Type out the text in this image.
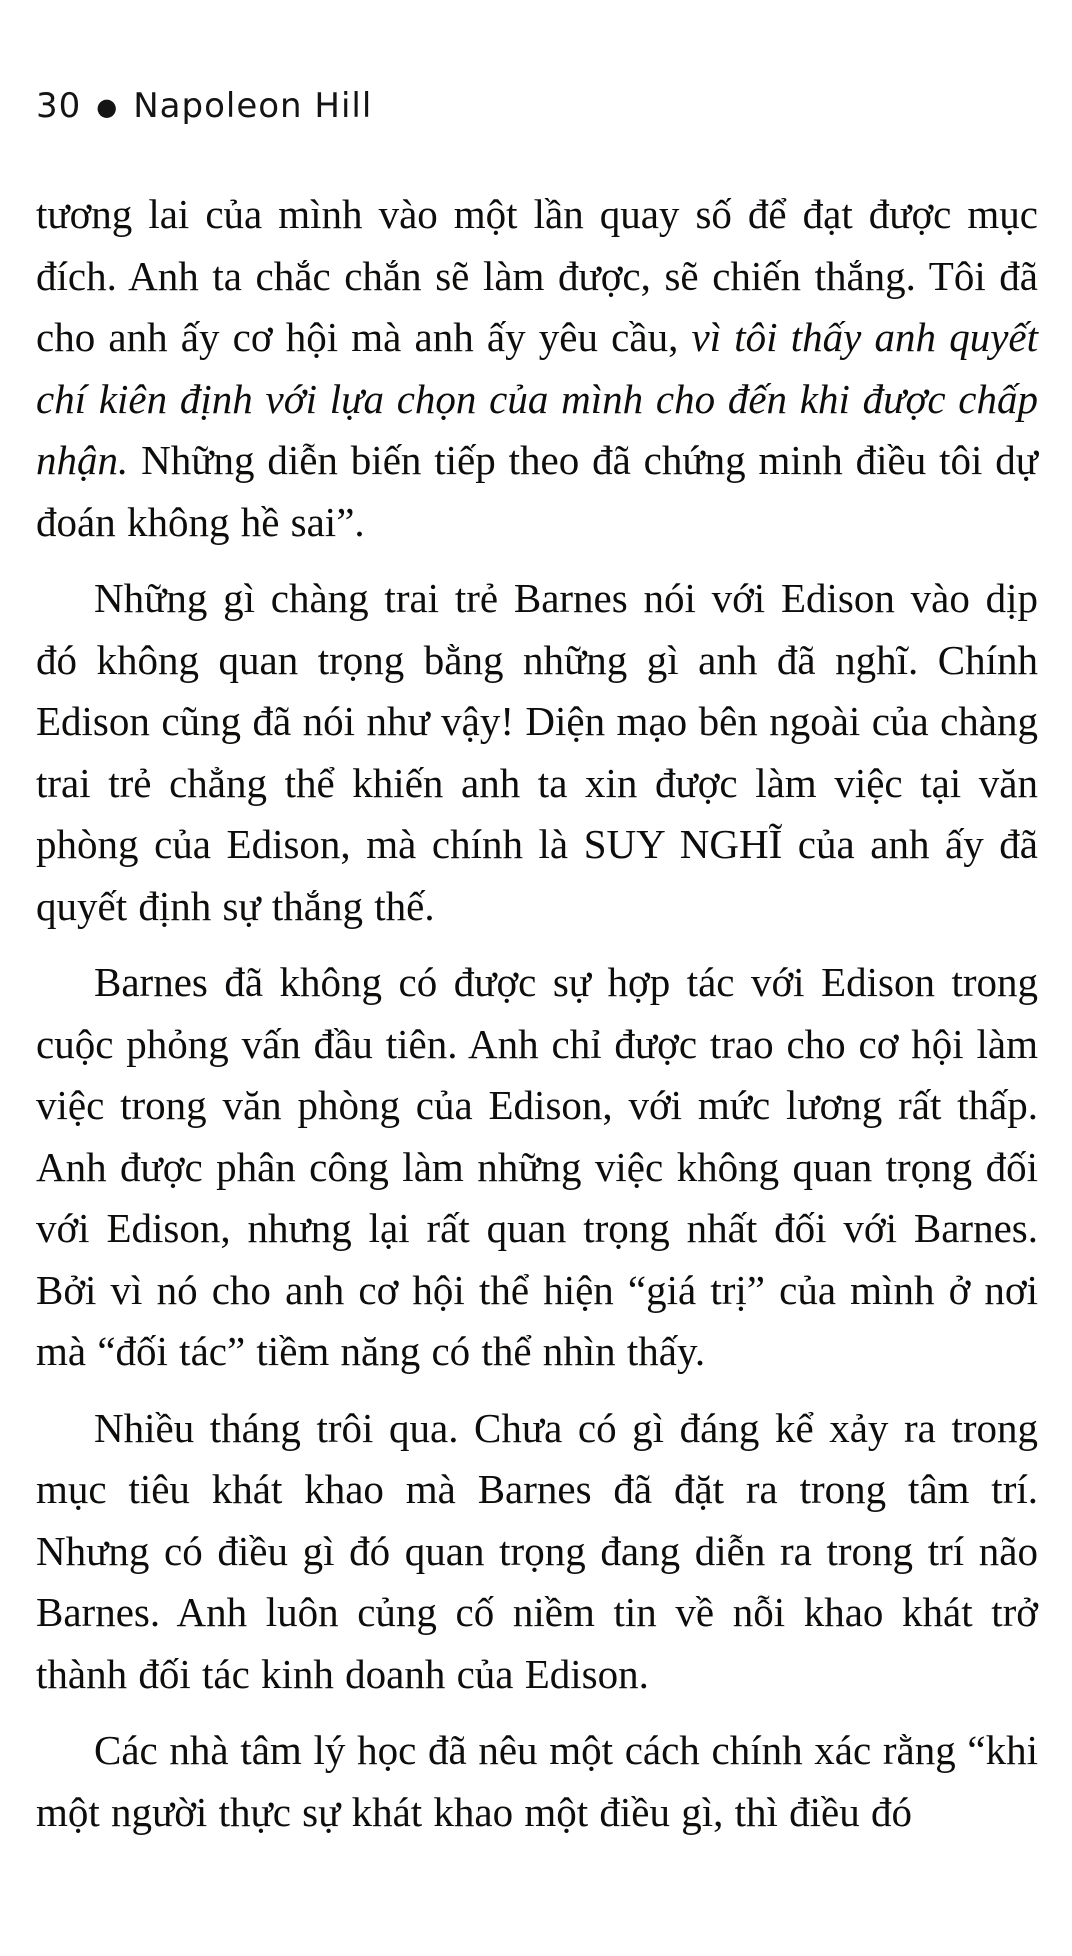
30 ● Napoleon Hill

tương lai của mình vào một lần quay số để đạt được mục đích. Anh ta chắc chắn sẽ làm được, sẽ chiến thắng. Tôi đã cho anh ấy cơ hội mà anh ấy yêu cầu, vì tôi thấy anh quyết chí kiên định với lựa chọn của mình cho đến khi được chấp nhận. Những diễn biến tiếp theo đã chứng minh điều tôi dự đoán không hề sai”.

Những gì chàng trai trẻ Barnes nói với Edison vào dịp đó không quan trọng bằng những gì anh đã nghĩ. Chính Edison cũng đã nói như vậy! Diện mạo bên ngoài của chàng trai trẻ chẳng thể khiến anh ta xin được làm việc tại văn phòng của Edison, mà chính là SUY NGHĨ của anh ấy đã quyết định sự thắng thế.

Barnes đã không có được sự hợp tác với Edison trong cuộc phỏng vấn đầu tiên. Anh chỉ được trao cho cơ hội làm việc trong văn phòng của Edison, với mức lương rất thấp. Anh được phân công làm những việc không quan trọng đối với Edison, nhưng lại rất quan trọng nhất đối với Barnes. Bởi vì nó cho anh cơ hội thể hiện “giá trị” của mình ở nơi mà “đối tác” tiềm năng có thể nhìn thấy.

Nhiều tháng trôi qua. Chưa có gì đáng kể xảy ra trong mục tiêu khát khao mà Barnes đã đặt ra trong tâm trí. Nhưng có điều gì đó quan trọng đang diễn ra trong trí não Barnes. Anh luôn củng cố niềm tin về nỗi khao khát trở thành đối tác kinh doanh của Edison.

Các nhà tâm lý học đã nêu một cách chính xác rằng “khi một người thực sự khát khao một điều gì, thì điều đó
